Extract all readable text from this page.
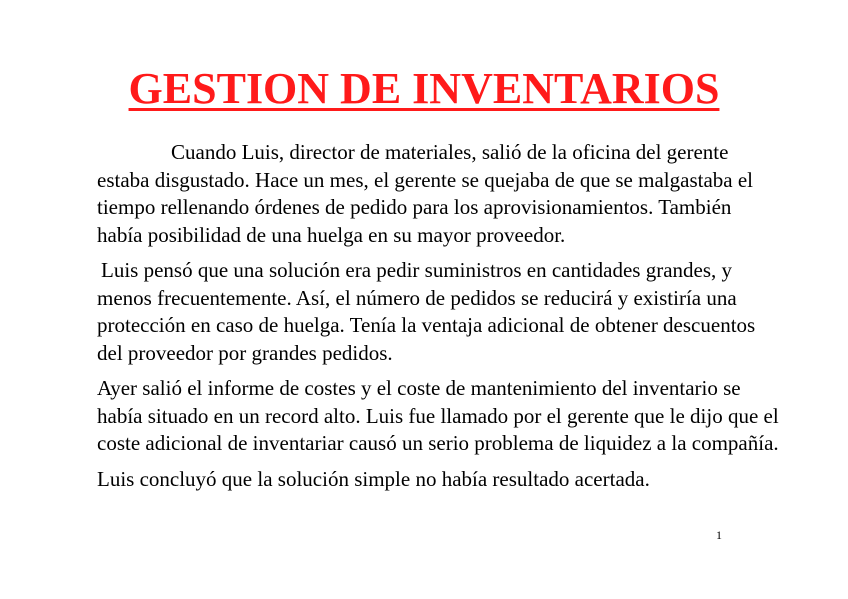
GESTION DE INVENTARIOS

Cuando Luis, director de materiales, salió de la oficina del gerente estaba disgustado. Hace un mes, el gerente se quejaba de que se malgastaba el tiempo rellenando órdenes de pedido para los aprovisionamientos. También había posibilidad de una huelga en su mayor proveedor.

Luis pensó que una solución era pedir suministros en cantidades grandes, y menos frecuentemente. Así, el número de pedidos se reducirá y existiría una protección en caso de huelga. Tenía la ventaja adicional de obtener descuentos del proveedor por grandes pedidos.

Ayer salió el informe de costes y el coste de mantenimiento del inventario se había situado en un record alto. Luis fue llamado por el gerente que le dijo que el coste adicional de inventariar causó un serio problema de liquidez a la compañía.

Luis concluyó que la solución simple no había resultado acertada.

1
